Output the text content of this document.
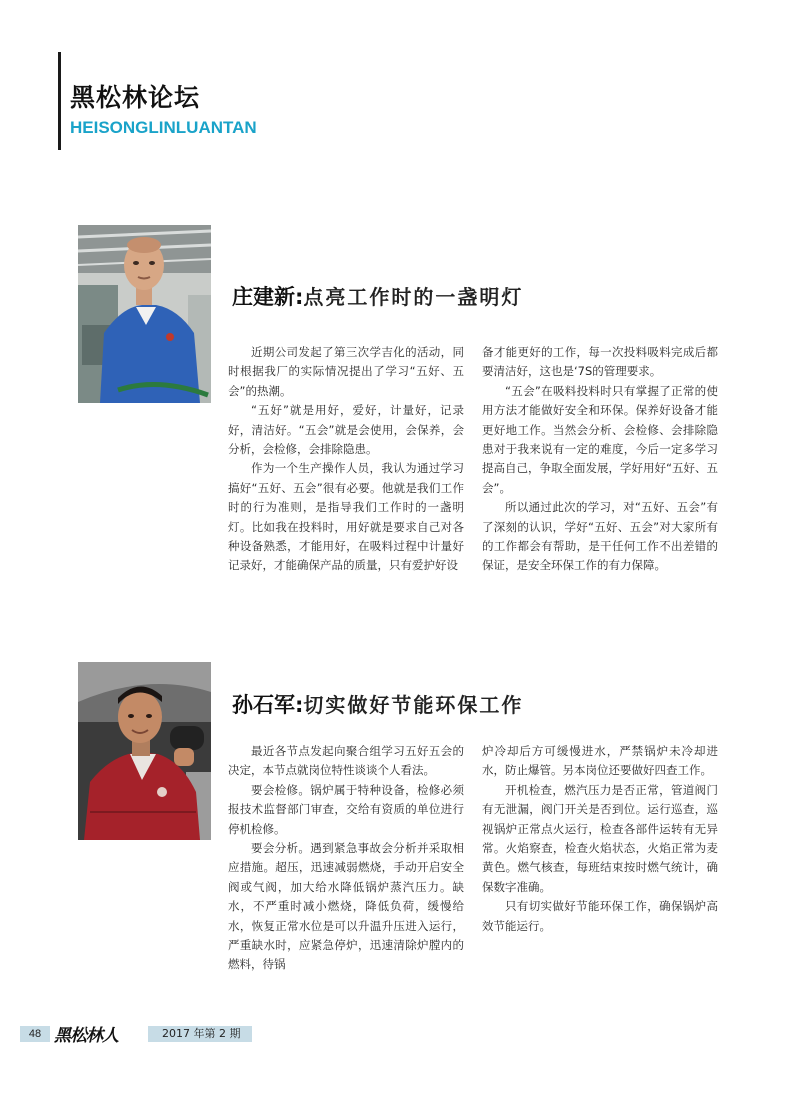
黑松林论坛

HEISONGLINLUANTAN

庄建新:点亮工作时的一盏明灯

近期公司发起了第三次学吉化的活动，同时根据我厂的实际情况提出了学习“五好、五会”的热潮。

“五好”就是用好，爱好，计量好，记录好，清洁好。“五会”就是会使用，会保养，会分析，会检修，会排除隐患。

作为一个生产操作人员，我认为通过学习搞好“五好、五会”很有必要。他就是我们工作时的行为准则，是指导我们工作时的一盏明灯。比如我在投料时，用好就是要求自己对各种设备熟悉，才能用好，在吸料过程中计量好记录好，才能确保产品的质量，只有爱护好设

备才能更好的工作，每一次投料吸料完成后都要清洁好，这也是‘7S的管理要求。

“五会”在吸料投料时只有掌握了正常的使用方法才能做好安全和环保。保养好设备才能更好地工作。当然会分析、会检修、会排除隐患对于我来说有一定的难度，今后一定多学习提高自己，争取全面发展，学好用好“五好、五会”。

所以通过此次的学习，对“五好、五会”有了深刻的认识，学好“五好、五会”对大家所有的工作都会有帮助，是干任何工作不出差错的保证，是安全环保工作的有力保障。

孙石军:切实做好节能环保工作

最近各节点发起向聚合组学习五好五会的决定，本节点就岗位特性谈谈个人看法。

要会检修。锅炉属于特种设备，检修必须报技术监督部门审查，交给有资质的单位进行停机检修。

要会分析。遇到紧急事故会分析并采取相应措施。超压，迅速减弱燃烧，手动开启安全阀或气阀，加大给水降低锅炉蒸汽压力。缺水，不严重时减小燃烧，降低负荷，缓慢给水，恢复正常水位是可以升温升压进入运行，严重缺水时，应紧急停炉，迅速清除炉膛内的燃料，待锅

炉冷却后方可缓慢进水，严禁锅炉未冷却进水，防止爆管。另本岗位还要做好四查工作。

开机检查，燃汽压力是否正常，管道阀门有无泄漏，阀门开关是否到位。运行巡查，巡视锅炉正常点火运行，检查各部件运转有无异常。火焰察查，检查火焰状态，火焰正常为麦黄色。燃气核查，每班结束按时燃气统计，确保数字准确。

只有切实做好节能环保工作，确保锅炉高效节能运行。

48 黑松林人	2017 年第 2 期
